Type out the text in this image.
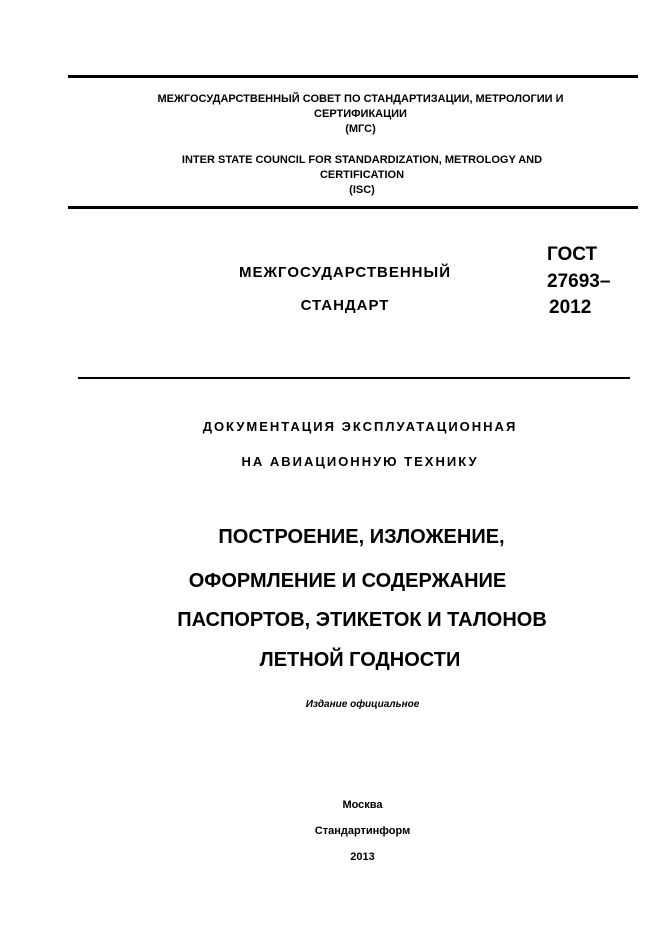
МЕЖГОСУДАРСТВЕННЫЙ СОВЕТ ПО СТАНДАРТИЗАЦИИ, МЕТРОЛОГИИ И
СЕРТИФИКАЦИИ
(МГС)
INTER STATE COUNCIL FOR STANDARDIZATION, METROLOGY AND
CERTIFICATION
(ISC)
МЕЖГОСУДАРСТВЕННЫЙ
СТАНДАРТ
ГОСТ
27693–
2012
ДОКУМЕНТАЦИЯ ЭКСПЛУАТАЦИОННАЯ
НА АВИАЦИОННУЮ ТЕХНИКУ
ПОСТРОЕНИЕ, ИЗЛОЖЕНИЕ,
ОФОРМЛЕНИЕ И СОДЕРЖАНИЕ
ПАСПОРТОВ, ЭТИКЕТОК И ТАЛОНОВ
ЛЕТНОЙ ГОДНОСТИ
Издание официальное
Москва
Стандартинформ
2013
